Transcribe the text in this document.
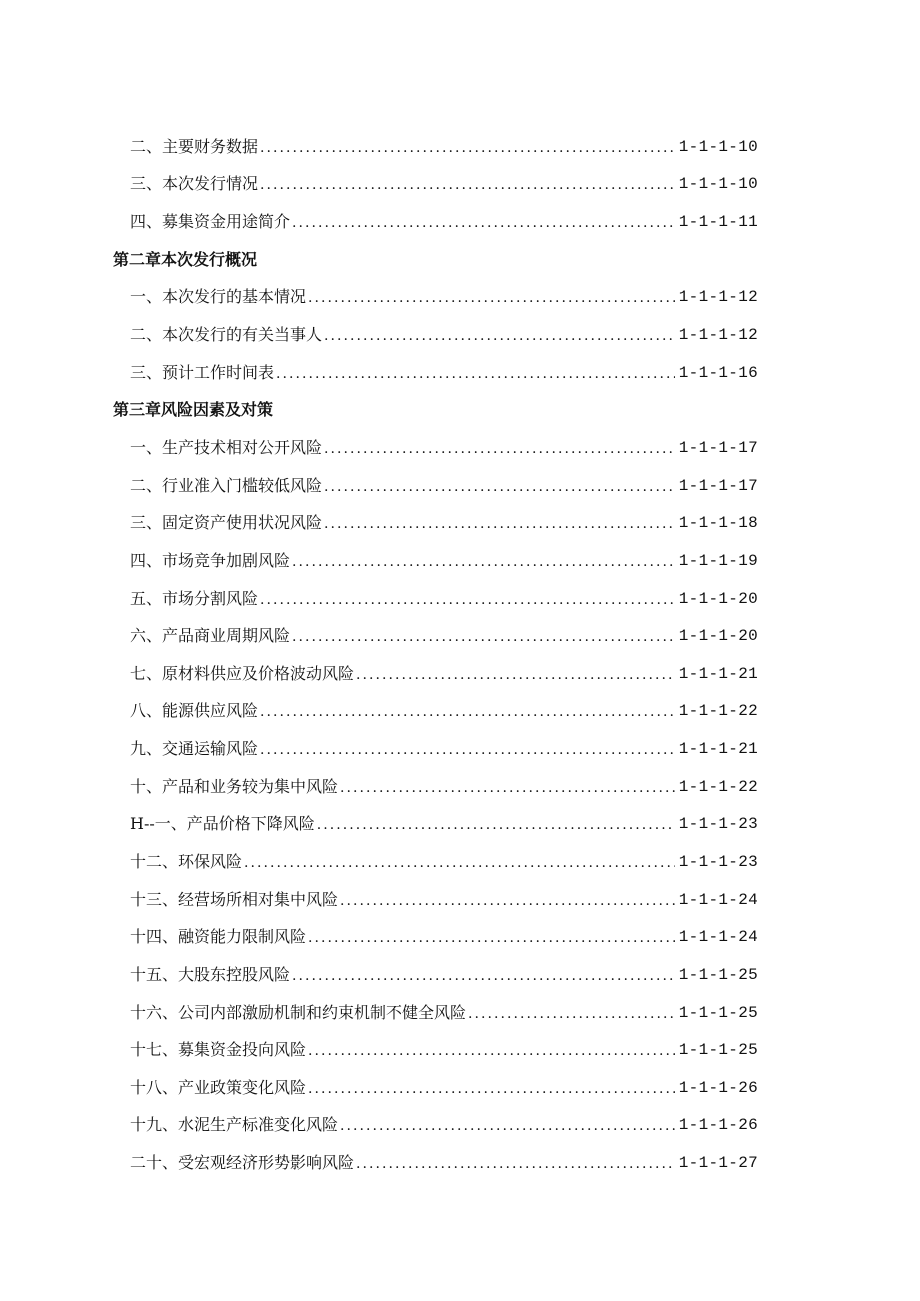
二、主要财务数据 . . .	1-1-1-10
三、本次发行情况 . . .	1-1-1-10
四、募集资金用途简介 . . .	1-1-1-11
第二章本次发行概况
一、本次发行的基本情况 . . .	1-1-1-12
二、本次发行的有关当事人 . . .	1-1-1-12
三、预计工作时间表 . . .	1-1-1-16
第三章风险因素及对策
一、生产技术相对公开风险 . . .	1-1-1-17
二、行业准入门槛较低风险 . . .	1-1-1-17
三、固定资产使用状况风险 . . .	1-1-1-18
四、市场竞争加剧风险 . . .	1-1-1-19
五、市场分割风险 . . .	1-1-1-20
六、产品商业周期风险 . . .	1-1-1-20
七、原材料供应及价格波动风险 . . .	1-1-1-21
八、能源供应风险 . . .	1-1-1-22
九、交通运输风险 . . .	1-1-1-21
十、产品和业务较为集中风险 . . .	1-1-1-22
H--一、产品价格下降风险 . . .	1-1-1-23
十二、环保风险 . . .	1-1-1-23
十三、经营场所相对集中风险 . . .	1-1-1-24
十四、融资能力限制风险 . . .	1-1-1-24
十五、大股东控股风险 . . .	1-1-1-25
十六、公司内部激励机制和约束机制不健全风险 . . .	1-1-1-25
十七、募集资金投向风险 . . .	1-1-1-25
十八、产业政策变化风险 . . .	1-1-1-26
十九、水泥生产标准变化风险 . . .	1-1-1-26
二十、受宏观经济形势影响风险 . . .	1-1-1-27
